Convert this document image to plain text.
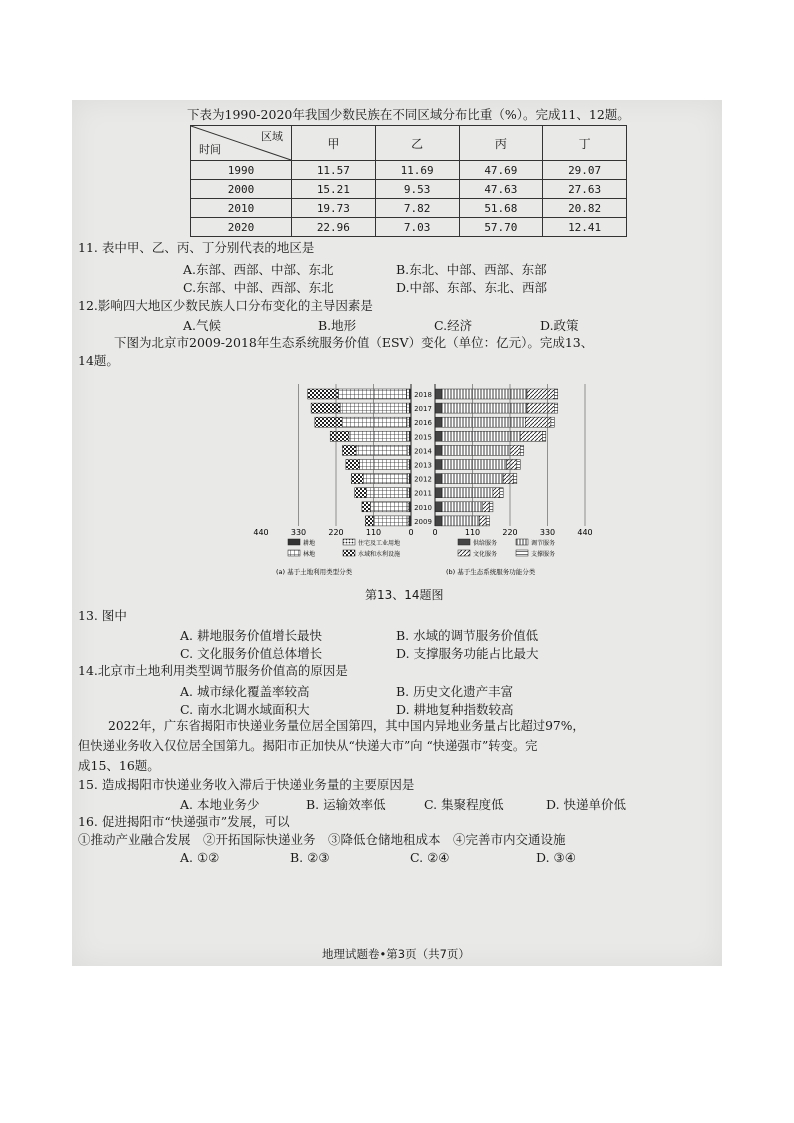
下表为1990-2020年我国少数民族在不同区域分布比重（%）。完成11、12题。
区域
时间	甲	乙	丙	丁
1990	11.57	11.69	47.69	29.07
2000	15.21	9.53	47.63	27.63
2010	19.73	7.82	51.68	20.82
2020	22.96	7.03	57.70	12.41
11. 表中甲、乙、丙、丁分别代表的地区是
A.东部、西部、中部、东北	B.东北、中部、西部、东部
C.东部、中部、西部、东北	D.中部、东部、东北、西部
12.影响四大地区少数民族人口分布变化的主导因素是
A.气候	B.地形	C.经济	D.政策
下图为北京市2009-2018年生态系统服务价值（ESV）变化（单位：亿元）。完成13、
14题。
2018
2017
2016
2015
2014
2013
2012
2011
2010
2009
440	330	220	110	0 0	110	220	330	440
耕地	住宅及工业用地
林地	水域和水利设施
供给服务	调节服务
文化服务	支撑服务
(a) 基于土地利用类型分类	(b) 基于生态系统服务功能分类
第13、14题图
13. 图中
A. 耕地服务价值增长最快	B. 水域的调节服务价值低
C. 文化服务价值总体增长	D. 支撑服务功能占比最大
14.北京市土地利用类型调节服务价值高的原因是
A. 城市绿化覆盖率较高	B. 历史文化遗产丰富
C. 南水北调水域面积大	D. 耕地复种指数较高
2022年，广东省揭阳市快递业务量位居全国第四，其中国内异地业务量占比超过97%，
但快递业务收入仅位居全国第九。揭阳市正加快从“快递大市”向 “快递强市”转变。完
成15、16题。
15. 造成揭阳市快递业务收入滞后于快递业务量的主要原因是
A. 本地业务少	B. 运输效率低	C. 集聚程度低	D. 快递单价低
16. 促进揭阳市“快递强市”发展，可以
①推动产业融合发展　②开拓国际快递业务　③降低仓储地租成本　④完善市内交通设施
A. ①②	B. ②③	C. ②④	D. ③④
地理试题卷•第3页（共7页）
